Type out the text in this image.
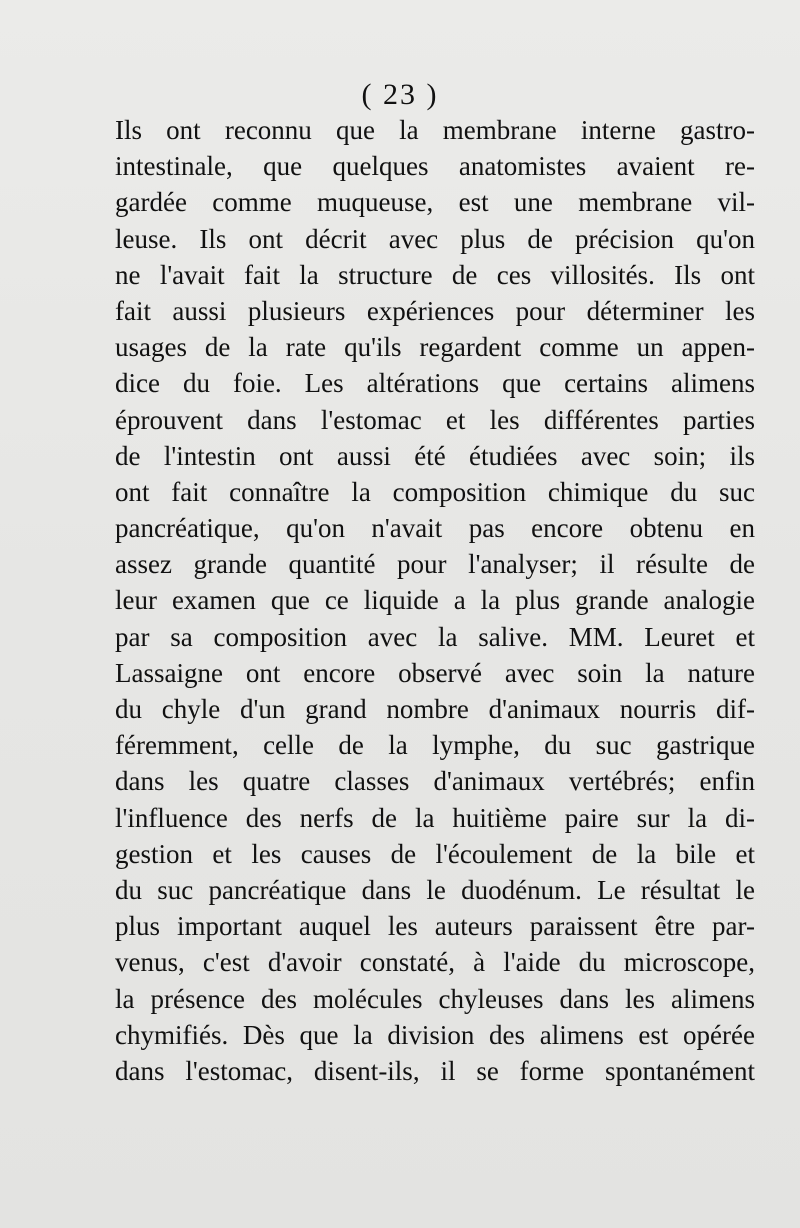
( 23 )
Ils ont reconnu que la membrane interne gastro-
intestinale, que quelques anatomistes avaient re-
gardée comme muqueuse, est une membrane vil-
leuse. Ils ont décrit avec plus de précision qu'on
ne l'avait fait la structure de ces villosités. Ils ont
fait aussi plusieurs expériences pour déterminer les
usages de la rate qu'ils regardent comme un appen-
dice du foie. Les altérations que certains alimens
éprouvent dans l'estomac et les différentes parties
de l'intestin ont aussi été étudiées avec soin; ils
ont fait connaître la composition chimique du suc
pancréatique, qu'on n'avait pas encore obtenu en
assez grande quantité pour l'analyser; il résulte de
leur examen que ce liquide a la plus grande analogie
par sa composition avec la salive. MM. Leuret et
Lassaigne ont encore observé avec soin la nature
du chyle d'un grand nombre d'animaux nourris dif-
féremment, celle de la lymphe, du suc gastrique
dans les quatre classes d'animaux vertébrés; enfin
l'influence des nerfs de la huitième paire sur la di-
gestion et les causes de l'écoulement de la bile et
du suc pancréatique dans le duodénum. Le résultat le
plus important auquel les auteurs paraissent être par-
venus, c'est d'avoir constaté, à l'aide du microscope,
la présence des molécules chyleuses dans les alimens
chymifiés. Dès que la division des alimens est opérée
dans l'estomac, disent-ils, il se forme spontanément
